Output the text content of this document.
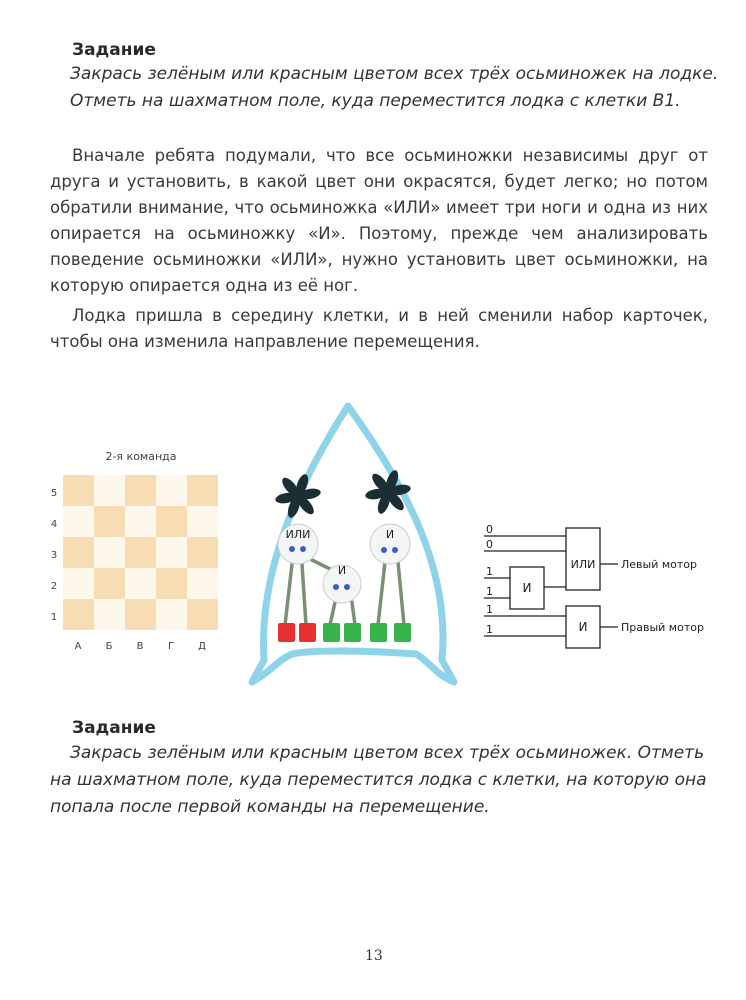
Задание
Закрась зелёным или красным цветом всех трёх осьминожек на лодке.
Отметь на шахматном поле, куда переместится лодка с клетки В1.

Вначале ребята подумали, что все осьминожки независимы друг от друга и установить, в какой цвет они окрасятся, будет легко; но потом обратили внимание, что осьминожка «ИЛИ» имеет три ноги и одна из них опирается на осьминожку «И». Поэтому, прежде чем анализировать поведение осьминожки «ИЛИ», нужно установить цвет осьминожки, на которую опирается одна из её ног.

Лодка пришла в середину клетки, и в ней сменили набор карточек, чтобы она изменила направление перемещения.

2-я команда
5
4
3
2
1
А Б В Г Д
ИЛИ
И
И	0
0
1
1
1
1
ИЛИ
И
И
Левый мотор
Правый мотор
Задание
Закрась зелёным или красным цветом всех трёх осьминожек. Отметь
на шахматном поле, куда переместится лодка с клетки, на которую она
попала после первой команды на перемещение.
13
